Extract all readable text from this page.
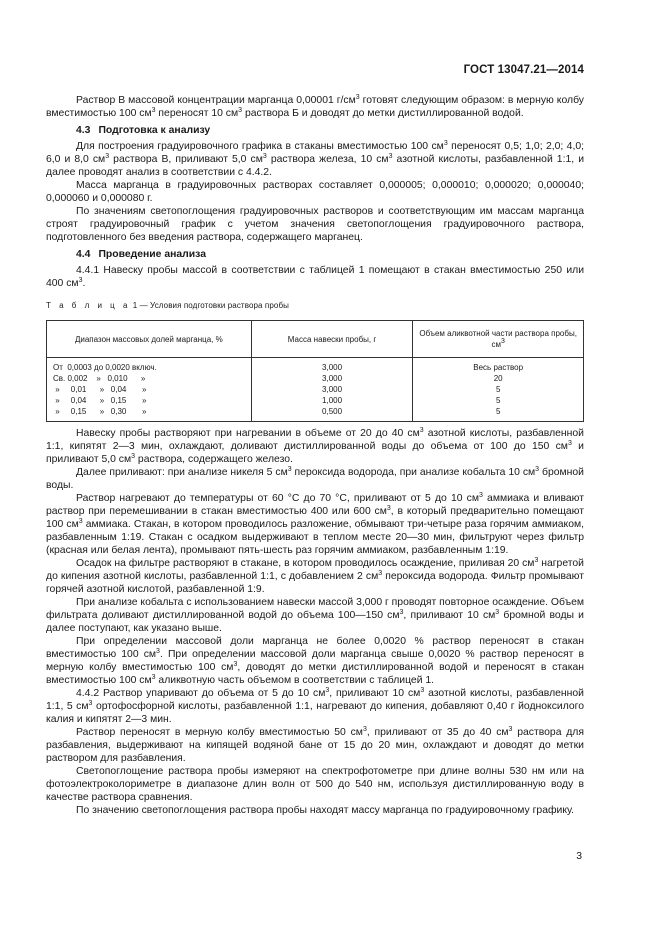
ГОСТ 13047.21—2014

Раствор В массовой концентрации марганца 0,00001 $г/см^3$ готовят следующим образом: в мерную колбу вместимостью 100 $см^3$ переносят 10 $см^3$ раствора Б и доводят до метки дистиллированной водой.

4.3 Подготовка к анализу

Для построения градуировочного графика в стаканы вместимостью 100 $см^3$ переносят 0,5; 1,0; 2,0; 4,0; 6,0 и 8,0 $см^3$ раствора В, приливают 5,0 $см^3$ раствора железа, 10 $см^3$ азотной кислоты, разбавленной 1:1, и далее проводят анализ в соответствии с 4.4.2.

Масса марганца в градуировочных растворах составляет 0,000005; 0,000010; 0,000020; 0,000040; 0,000060 и 0,000080 г.

По значениям светопоглощения градуировочных растворов и соответствующим им массам марганца строят градуировочный график с учетом значения светопоглощения градуировочного раствора, подготовленного без введения раствора, содержащего марганец.

4.4 Проведение анализа

4.4.1 Навеску пробы массой в соответствии с таблицей 1 помещают в стакан вместимостью 250 или 400 $см^3$.

Т а б л и ц а 1 — Условия подготовки раствора пробы
Диапазон массовых долей марганца, %	Масса навески пробы, г	Объем аликвотной части раствора пробы, $см^3$
От  0,0003 до 0,0020 включ.	3,000	Весь раствор
Св. 0,002    »   0,010      »	3,000	20
»     0,01      »   0,04       »	3,000	5
»     0,04      »   0,15       »	1,000	5
»     0,15      »   0,30       »	0,500	5

Навеску пробы растворяют при нагревании в объеме от 20 до 40 $см^3$ азотной кислоты, разбавленной 1:1, кипятят 2—3 мин, охлаждают, доливают дистиллированной воды до объема от 100 до 150 $см^3$ и приливают 5,0 $см^3$ раствора, содержащего железо.

Далее приливают: при анализе никеля 5 $см^3$ пероксида водорода, при анализе кобальта 10 $см^3$ бромной воды.

Раствор нагревают до температуры от 60 °С до 70 °С, приливают от 5 до 10 $см^3$ аммиака и вливают раствор при перемешивании в стакан вместимостью 400 или 600 $см^3$, в который предварительно помещают 100 $см^3$ аммиака. Стакан, в котором проводилось разложение, обмывают три-четыре раза горячим аммиаком, разбавленным 1:19. Стакан с осадком выдерживают в теплом месте 20—30 мин, фильтруют через фильтр (красная или белая лента), промывают пять-шесть раз горячим аммиаком, разбавленным 1:19.

Осадок на фильтре растворяют в стакане, в котором проводилось осаждение, приливая 20 $см^3$ нагретой до кипения азотной кислоты, разбавленной 1:1, с добавлением 2 $см^3$ пероксида водорода. Фильтр промывают горячей азотной кислотой, разбавленной 1:9.

При анализе кобальта с использованием навески массой 3,000 г проводят повторное осаждение. Объем фильтрата доливают дистиллированной водой до объема 100—150 $см^3$, приливают 10 $см^3$ бромной воды и далее поступают, как указано выше.

При определении массовой доли марганца не более 0,0020 % раствор переносят в стакан вместимостью 100 $см^3$. При определении массовой доли марганца свыше 0,0020 % раствор переносят в мерную колбу вместимостью 100 $см^3$, доводят до метки дистиллированной водой и переносят в стакан вместимостью 100 $см^3$ аликвотную часть объемом в соответствии с таблицей 1.

4.4.2 Раствор упаривают до объема от 5 до 10 $см^3$, приливают 10 $см^3$ азотной кислоты, разбавленной 1:1, 5 $см^3$ ортофосфорной кислоты, разбавленной 1:1, нагревают до кипения, добавляют 0,40 г йодноксилого калия и кипятят 2—3 мин.

Раствор переносят в мерную колбу вместимостью 50 $см^3$, приливают от 35 до 40 $см^3$ раствора для разбавления, выдерживают на кипящей водяной бане от 15 до 20 мин, охлаждают и доводят до метки раствором для разбавления.

Светопоглощение раствора пробы измеряют на спектрофотометре при длине волны 530 нм или на фотоэлектроколориметре в диапазоне длин волн от 500 до 540 нм, используя дистиллированную воду в качестве раствора сравнения.

По значению светопоглощения раствора пробы находят массу марганца по градуировочному графику.

3
